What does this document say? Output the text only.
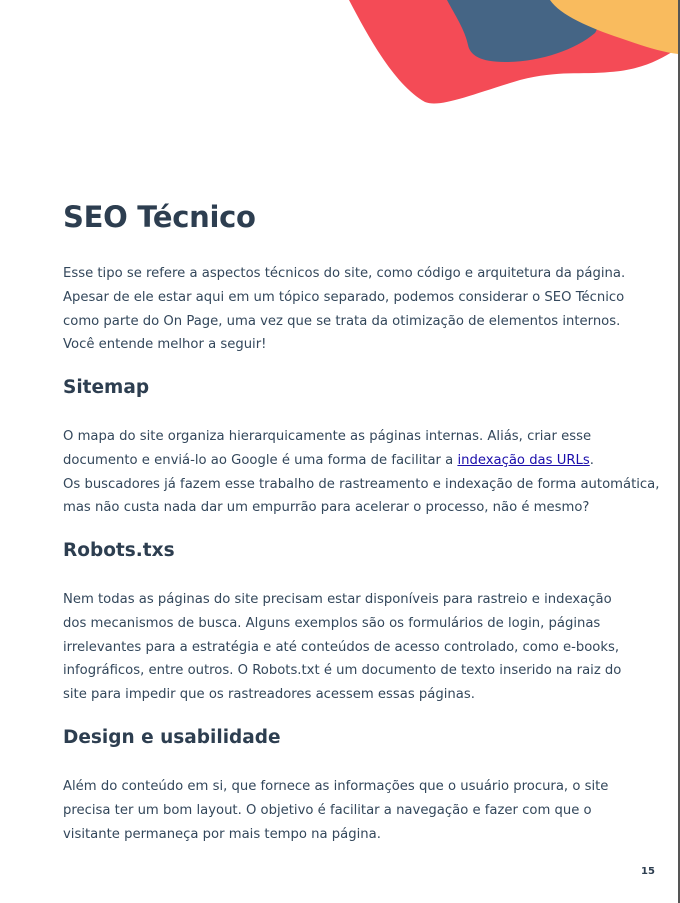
SEO Técnico
Esse tipo se refere a aspectos técnicos do site, como código e arquitetura da página.
Apesar de ele estar aqui em um tópico separado, podemos considerar o SEO Técnico
como parte do On Page, uma vez que se trata da otimização de elementos internos.
Você entende melhor a seguir!
Sitemap
O mapa do site organiza hierarquicamente as páginas internas. Aliás, criar esse
documento e enviá-lo ao Google é uma forma de facilitar a indexação das URLs.
Os buscadores já fazem esse trabalho de rastreamento e indexação de forma automática,
mas não custa nada dar um empurrão para acelerar o processo, não é mesmo?
Robots.txs
Nem todas as páginas do site precisam estar disponíveis para rastreio e indexação
dos mecanismos de busca. Alguns exemplos são os formulários de login, páginas
irrelevantes para a estratégia e até conteúdos de acesso controlado, como e-books,
infográficos, entre outros. O Robots.txt é um documento de texto inserido na raiz do
site para impedir que os rastreadores acessem essas páginas.
Design e usabilidade
Além do conteúdo em si, que fornece as informações que o usuário procura, o site
precisa ter um bom layout. O objetivo é facilitar a navegação e fazer com que o
visitante permaneça por mais tempo na página.
15
